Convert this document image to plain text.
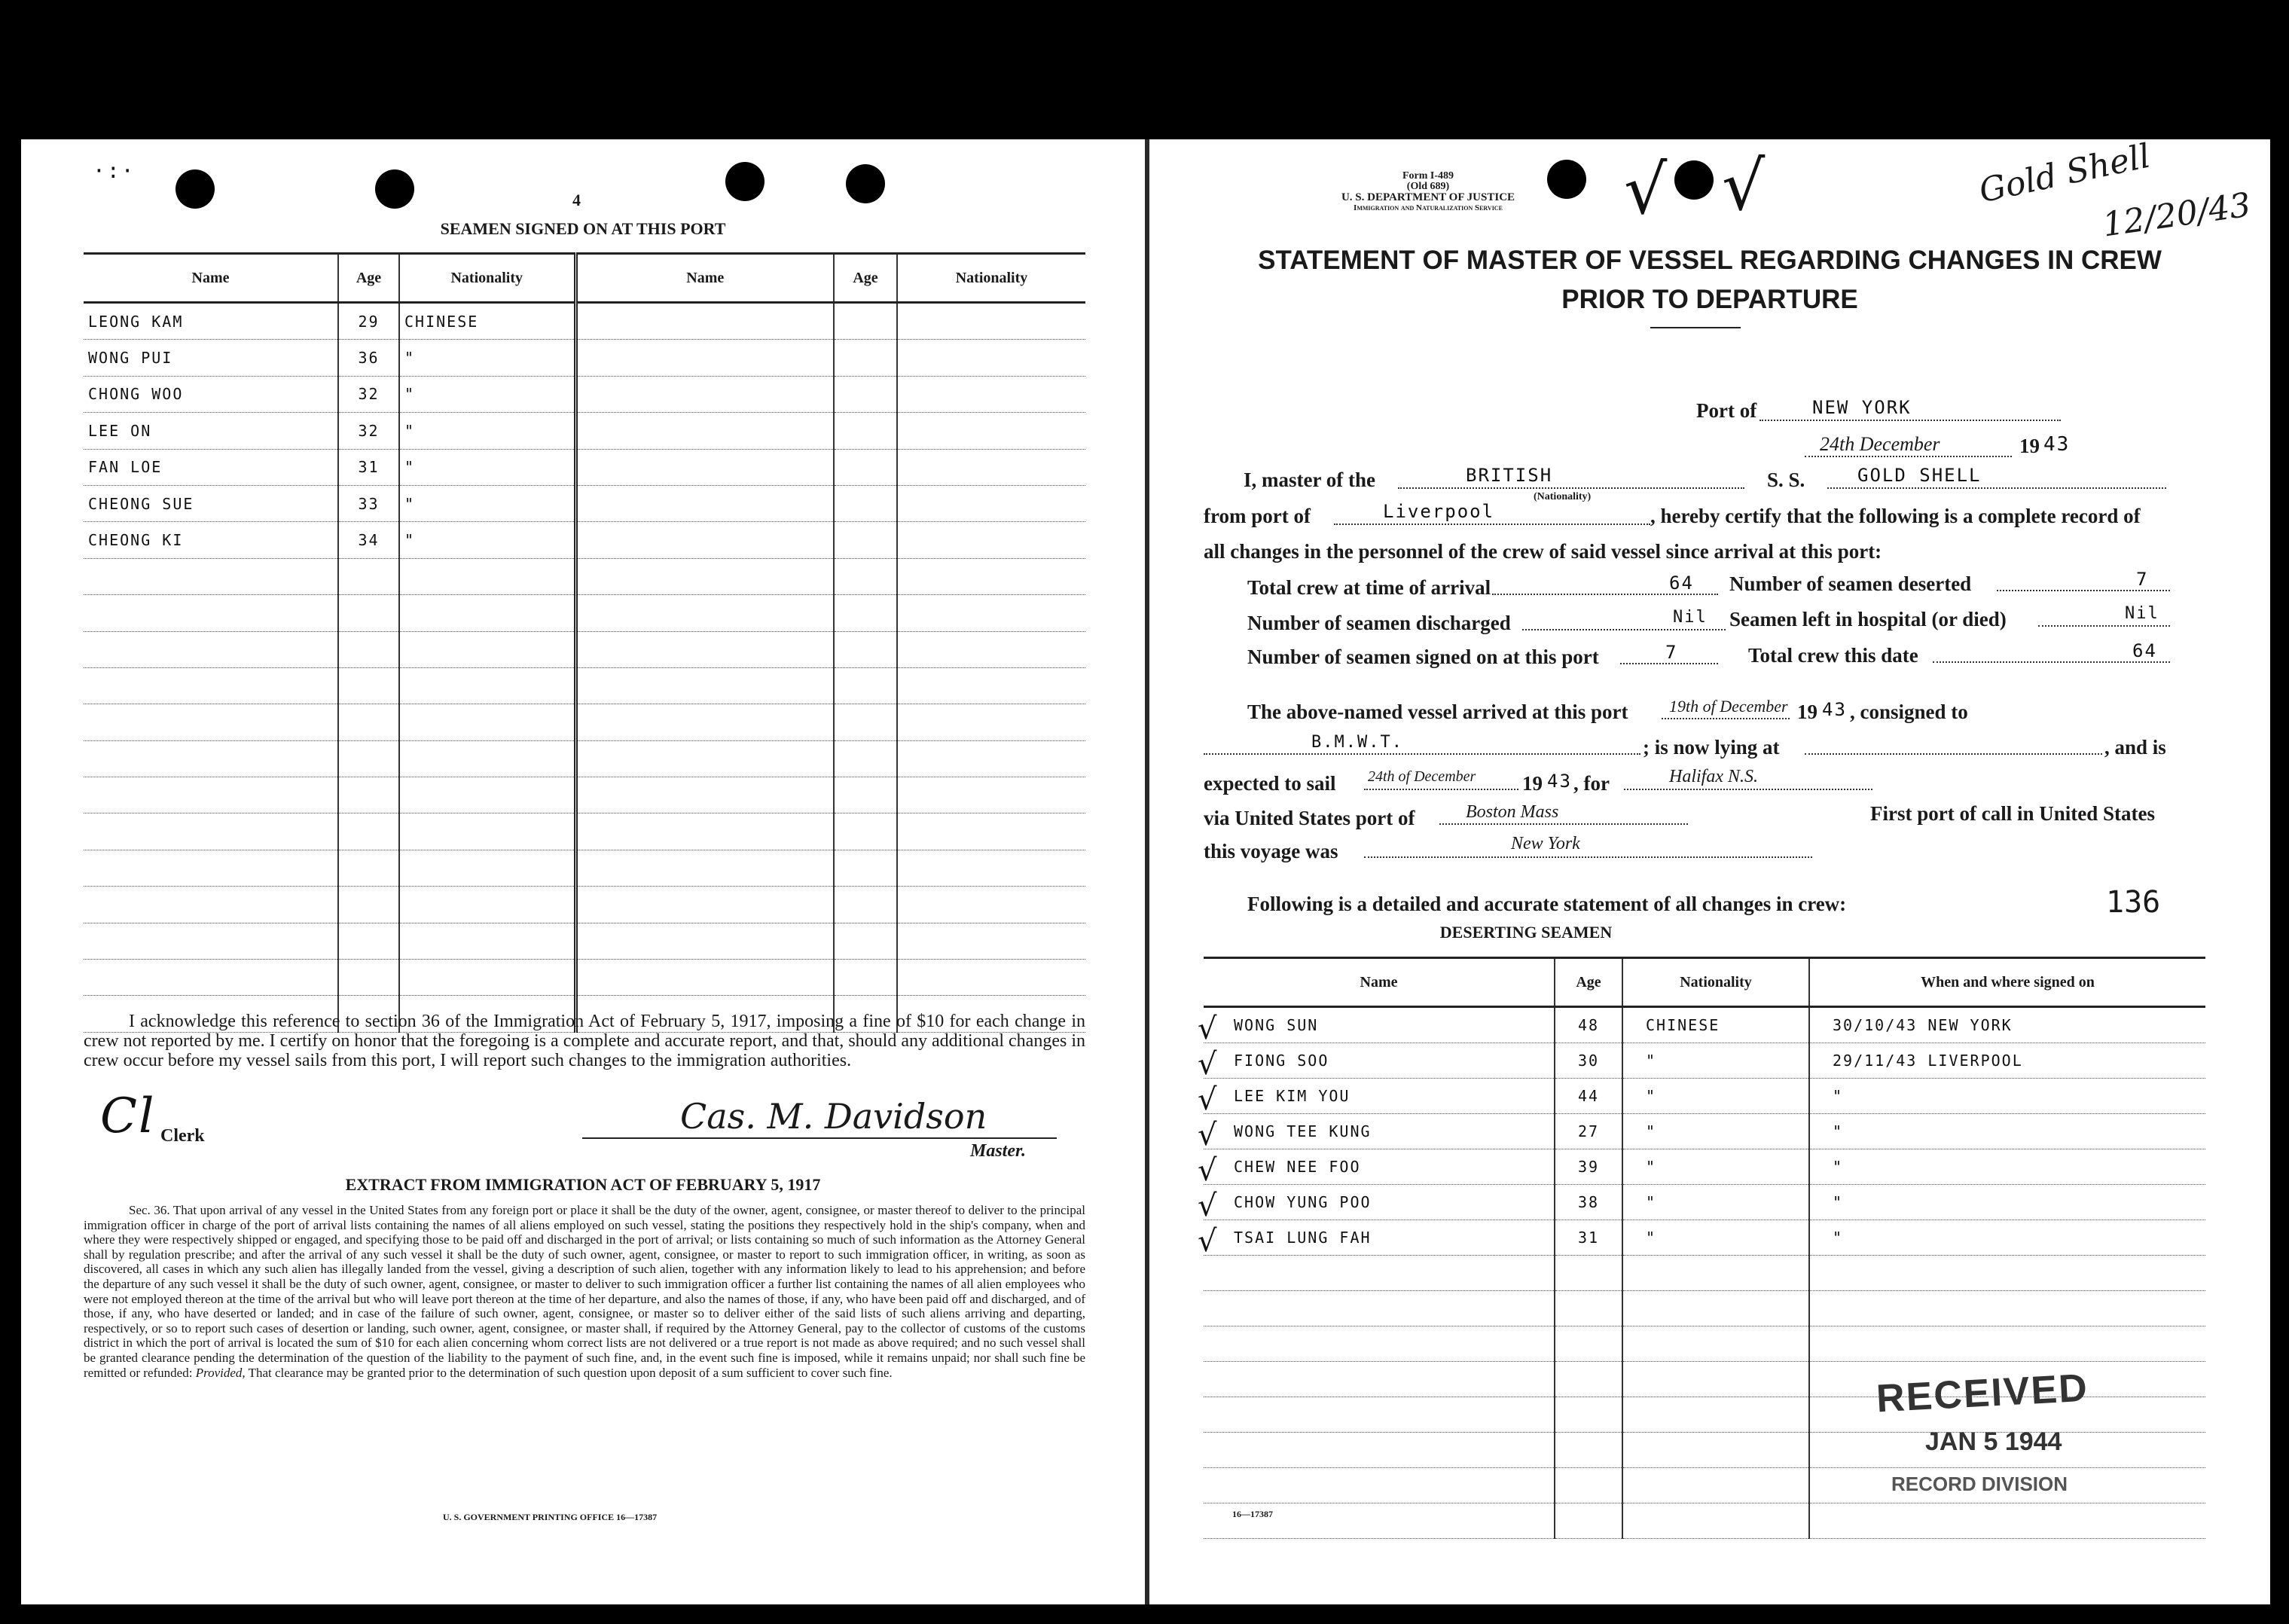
·:·
4
SEAMEN SIGNED ON AT THIS PORT
Name	Age	Nationality	Name	Age	Nationality
LEONG KAM	29	CHINESE			
WONG PUI	36	"			
CHONG WOO	32	"			
LEE ON	32	"			
FAN LOE	31	"			
CHEONG SUE	33	"			
CHEONG KI	34	"			

I acknowledge this reference to section 36 of the Immigration Act of February 5, 1917, imposing a fine of $10 for each change in crew not reported by me. I certify on honor that the foregoing is a complete and accurate report, and that, should any additional changes in crew occur before my vessel sails from this port, I will report such changes to the immigration authorities.
Cl Clerk	Cas. M. Davidson
Master.
EXTRACT FROM IMMIGRATION ACT OF FEBRUARY 5, 1917
Sec. 36. That upon arrival of any vessel in the United States from any foreign port or place it shall be the duty of the owner, agent, consignee, or master thereof to deliver to the principal immigration officer in charge of the port of arrival lists containing the names of all aliens employed on such vessel, stating the positions they respectively hold in the ship's company, when and where they were respectively shipped or engaged, and specifying those to be paid off and discharged in the port of arrival; or lists containing so much of such information as the Attorney General shall by regulation prescribe; and after the arrival of any such vessel it shall be the duty of such owner, agent, consignee, or master to report to such immigration officer, in writing, as soon as discovered, all cases in which any such alien has illegally landed from the vessel, giving a description of such alien, together with any information likely to lead to his apprehension; and before the departure of any such vessel it shall be the duty of such owner, agent, consignee, or master to deliver to such immigration officer a further list containing the names of all alien employees who were not employed thereon at the time of the arrival but who will leave port thereon at the time of her departure, and also the names of those, if any, who have been paid off and discharged, and of those, if any, who have deserted or landed; and in case of the failure of such owner, agent, consignee, or master so to deliver either of the said lists of such aliens arriving and departing, respectively, or so to report such cases of desertion or landing, such owner, agent, consignee, or master shall, if required by the Attorney General, pay to the collector of customs of the customs district in which the port of arrival is located the sum of $10 for each alien concerning whom correct lists are not delivered or a true report is not made as above required; and no such vessel shall be granted clearance pending the determination of the question of the liability to the payment of such fine, and, in the event such fine is imposed, while it remains unpaid; nor shall such fine be remitted or refunded: Provided, That clearance may be granted prior to the determination of such question upon deposit of a sum sufficient to cover such fine.
U. S. GOVERNMENT PRINTING OFFICE 16—17387
√ √
Form I-489
(Old 689)
U. S. DEPARTMENT OF JUSTICE
Immigration and Naturalization Service	Gold Shell
12/20/43
STATEMENT OF MASTER OF VESSEL REGARDING CHANGES IN CREW
PRIOR TO DEPARTURE
Port of	NEW YORK
24th December	19 43
I, master of the	BRITISH
(Nationality)
S. S.	GOLD SHELL
from port of	Liverpool	, hereby certify that the following is a complete record of
all changes in the personnel of the crew of said vessel since arrival at this port:
Total crew at time of arrival	64 Number of seamen deserted	7
Number of seamen discharged	Nil Seamen left in hospital (or died)	Nil
Number of seamen signed on at this port	7	Total crew this date	64
The above-named vessel arrived at this port 19th of December 19 43 , consigned to
B.M.W.T.	; is now lying at	, and is
expected to sail 24th of December 19 43 , for	Halifax N.S.
via United States port of	Boston Mass	First port of call in United States
this voyage was	New York
Following is a detailed and accurate statement of all changes in crew:	136
DESERTING SEAMEN
Name	Age	Nationality	When and where signed on

√ WONG SUN	48	CHINESE	30/10/43 NEW YORK

√ FIONG SOO	30	"	29/11/43 LIVERPOOL

√ LEE KIM YOU	44	"	"

√ WONG TEE KUNG	27	"	"

√ CHEW NEE FOO	39	"	"

√ CHOW YUNG POO	38	"	"

√ TSAI LUNG FAH	31	"	"

RECEIVED
JAN 5 1944
RECORD DIVISION
16—17387
